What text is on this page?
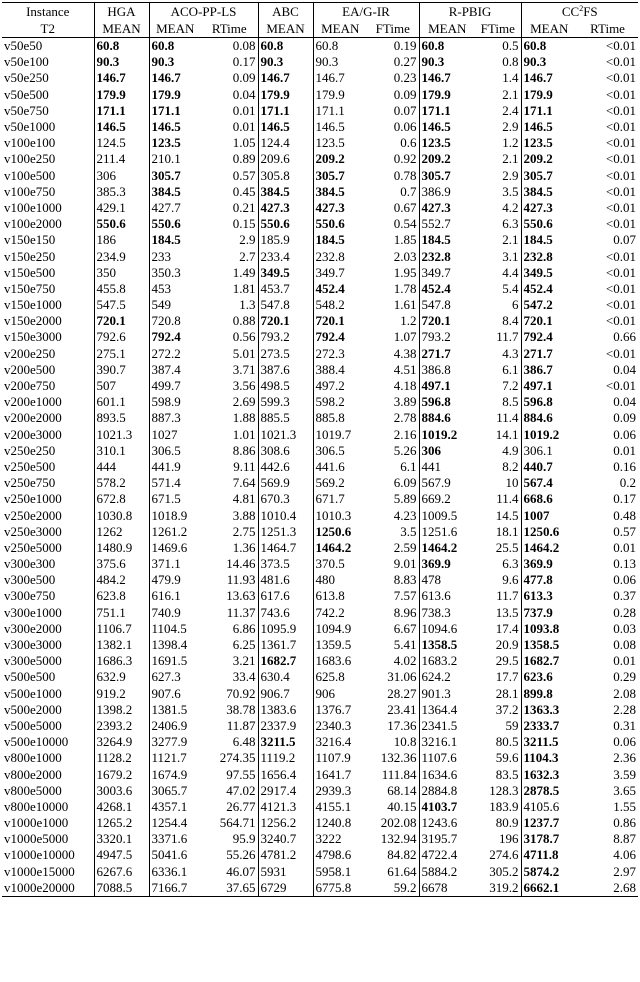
Instance	HGA	ACO-PP-LS		ABC	EA/G-IR		R-PBIG		$CC^2FS$	
T2	MEAN	MEAN	RTime	MEAN	MEAN	FTime	MEAN	FTime	MEAN	RTime
v50e50	60.8	60.8	0.08	60.8	60.8	0.19	60.8	0.5	60.8	<0.01
v50e100	90.3	90.3	0.17	90.3	90.3	0.27	90.3	0.8	90.3	<0.01
v50e250	146.7	146.7	0.09	146.7	146.7	0.23	146.7	1.4	146.7	<0.01
v50e500	179.9	179.9	0.04	179.9	179.9	0.09	179.9	2.1	179.9	<0.01
v50e750	171.1	171.1	0.01	171.1	171.1	0.07	171.1	2.4	171.1	<0.01
v50e1000	146.5	146.5	0.01	146.5	146.5	0.06	146.5	2.9	146.5	<0.01
v100e100	124.5	123.5	1.05	124.4	123.5	0.6	123.5	1.2	123.5	<0.01
v100e250	211.4	210.1	0.89	209.6	209.2	0.92	209.2	2.1	209.2	<0.01
v100e500	306	305.7	0.57	305.8	305.7	0.78	305.7	2.9	305.7	<0.01
v100e750	385.3	384.5	0.45	384.5	384.5	0.7	386.9	3.5	384.5	<0.01
v100e1000	429.1	427.7	0.21	427.3	427.3	0.67	427.3	4.2	427.3	<0.01
v100e2000	550.6	550.6	0.15	550.6	550.6	0.54	552.7	6.3	550.6	<0.01
v150e150	186	184.5	2.9	185.9	184.5	1.85	184.5	2.1	184.5	0.07
v150e250	234.9	233	2.7	233.4	232.8	2.03	232.8	3.1	232.8	<0.01
v150e500	350	350.3	1.49	349.5	349.7	1.95	349.7	4.4	349.5	<0.01
v150e750	455.8	453	1.81	453.7	452.4	1.78	452.4	5.4	452.4	<0.01
v150e1000	547.5	549	1.3	547.8	548.2	1.61	547.8	6	547.2	<0.01
v150e2000	720.1	720.8	0.88	720.1	720.1	1.2	720.1	8.4	720.1	<0.01
v150e3000	792.6	792.4	0.56	793.2	792.4	1.07	793.2	11.7	792.4	0.66
v200e250	275.1	272.2	5.01	273.5	272.3	4.38	271.7	4.3	271.7	<0.01
v200e500	390.7	387.4	3.71	387.6	388.4	4.51	386.8	6.1	386.7	0.04
v200e750	507	499.7	3.56	498.5	497.2	4.18	497.1	7.2	497.1	<0.01
v200e1000	601.1	598.9	2.69	599.3	598.2	3.89	596.8	8.5	596.8	0.04
v200e2000	893.5	887.3	1.88	885.5	885.8	2.78	884.6	11.4	884.6	0.09
v200e3000	1021.3	1027	1.01	1021.3	1019.7	2.16	1019.2	14.1	1019.2	0.06
v250e250	310.1	306.5	8.86	308.6	306.5	5.26	306	4.9	306.1	0.01
v250e500	444	441.9	9.11	442.6	441.6	6.1	441	8.2	440.7	0.16
v250e750	578.2	571.4	7.64	569.9	569.2	6.09	567.9	10	567.4	0.2
v250e1000	672.8	671.5	4.81	670.3	671.7	5.89	669.2	11.4	668.6	0.17
v250e2000	1030.8	1018.9	3.88	1010.4	1010.3	4.23	1009.5	14.5	1007	0.48
v250e3000	1262	1261.2	2.75	1251.3	1250.6	3.5	1251.6	18.1	1250.6	0.57
v250e5000	1480.9	1469.6	1.36	1464.7	1464.2	2.59	1464.2	25.5	1464.2	0.01
v300e300	375.6	371.1	14.46	373.5	370.5	9.01	369.9	6.3	369.9	0.13
v300e500	484.2	479.9	11.93	481.6	480	8.83	478	9.6	477.8	0.06
v300e750	623.8	616.1	13.63	617.6	613.8	7.57	613.6	11.7	613.3	0.37
v300e1000	751.1	740.9	11.37	743.6	742.2	8.96	738.3	13.5	737.9	0.28
v300e2000	1106.7	1104.5	6.86	1095.9	1094.9	6.67	1094.6	17.4	1093.8	0.03
v300e3000	1382.1	1398.4	6.25	1361.7	1359.5	5.41	1358.5	20.9	1358.5	0.08
v300e5000	1686.3	1691.5	3.21	1682.7	1683.6	4.02	1683.2	29.5	1682.7	0.01
v500e500	632.9	627.3	33.4	630.4	625.8	31.06	624.2	17.7	623.6	0.29
v500e1000	919.2	907.6	70.92	906.7	906	28.27	901.3	28.1	899.8	2.08
v500e2000	1398.2	1381.5	38.78	1383.6	1376.7	23.41	1364.4	37.2	1363.3	2.28
v500e5000	2393.2	2406.9	11.87	2337.9	2340.3	17.36	2341.5	59	2333.7	0.31
v500e10000	3264.9	3277.9	6.48	3211.5	3216.4	10.8	3216.1	80.5	3211.5	0.06
v800e1000	1128.2	1121.7	274.35	1119.2	1107.9	132.36	1107.6	59.6	1104.3	2.36
v800e2000	1679.2	1674.9	97.55	1656.4	1641.7	111.84	1634.6	83.5	1632.3	3.59
v800e5000	3003.6	3065.7	47.02	2917.4	2939.3	68.14	2884.8	128.3	2878.5	3.65
v800e10000	4268.1	4357.1	26.77	4121.3	4155.1	40.15	4103.7	183.9	4105.6	1.55
v1000e1000	1265.2	1254.4	564.71	1256.2	1240.8	202.08	1243.6	80.9	1237.7	0.86
v1000e5000	3320.1	3371.6	95.9	3240.7	3222	132.94	3195.7	196	3178.7	8.87
v1000e10000	4947.5	5041.6	55.26	4781.2	4798.6	84.82	4722.4	274.6	4711.8	4.06
v1000e15000	6267.6	6336.1	46.07	5931	5958.1	61.64	5884.2	305.2	5874.2	2.97
v1000e20000	7088.5	7166.7	37.65	6729	6775.8	59.2	6678	319.2	6662.1	2.68
